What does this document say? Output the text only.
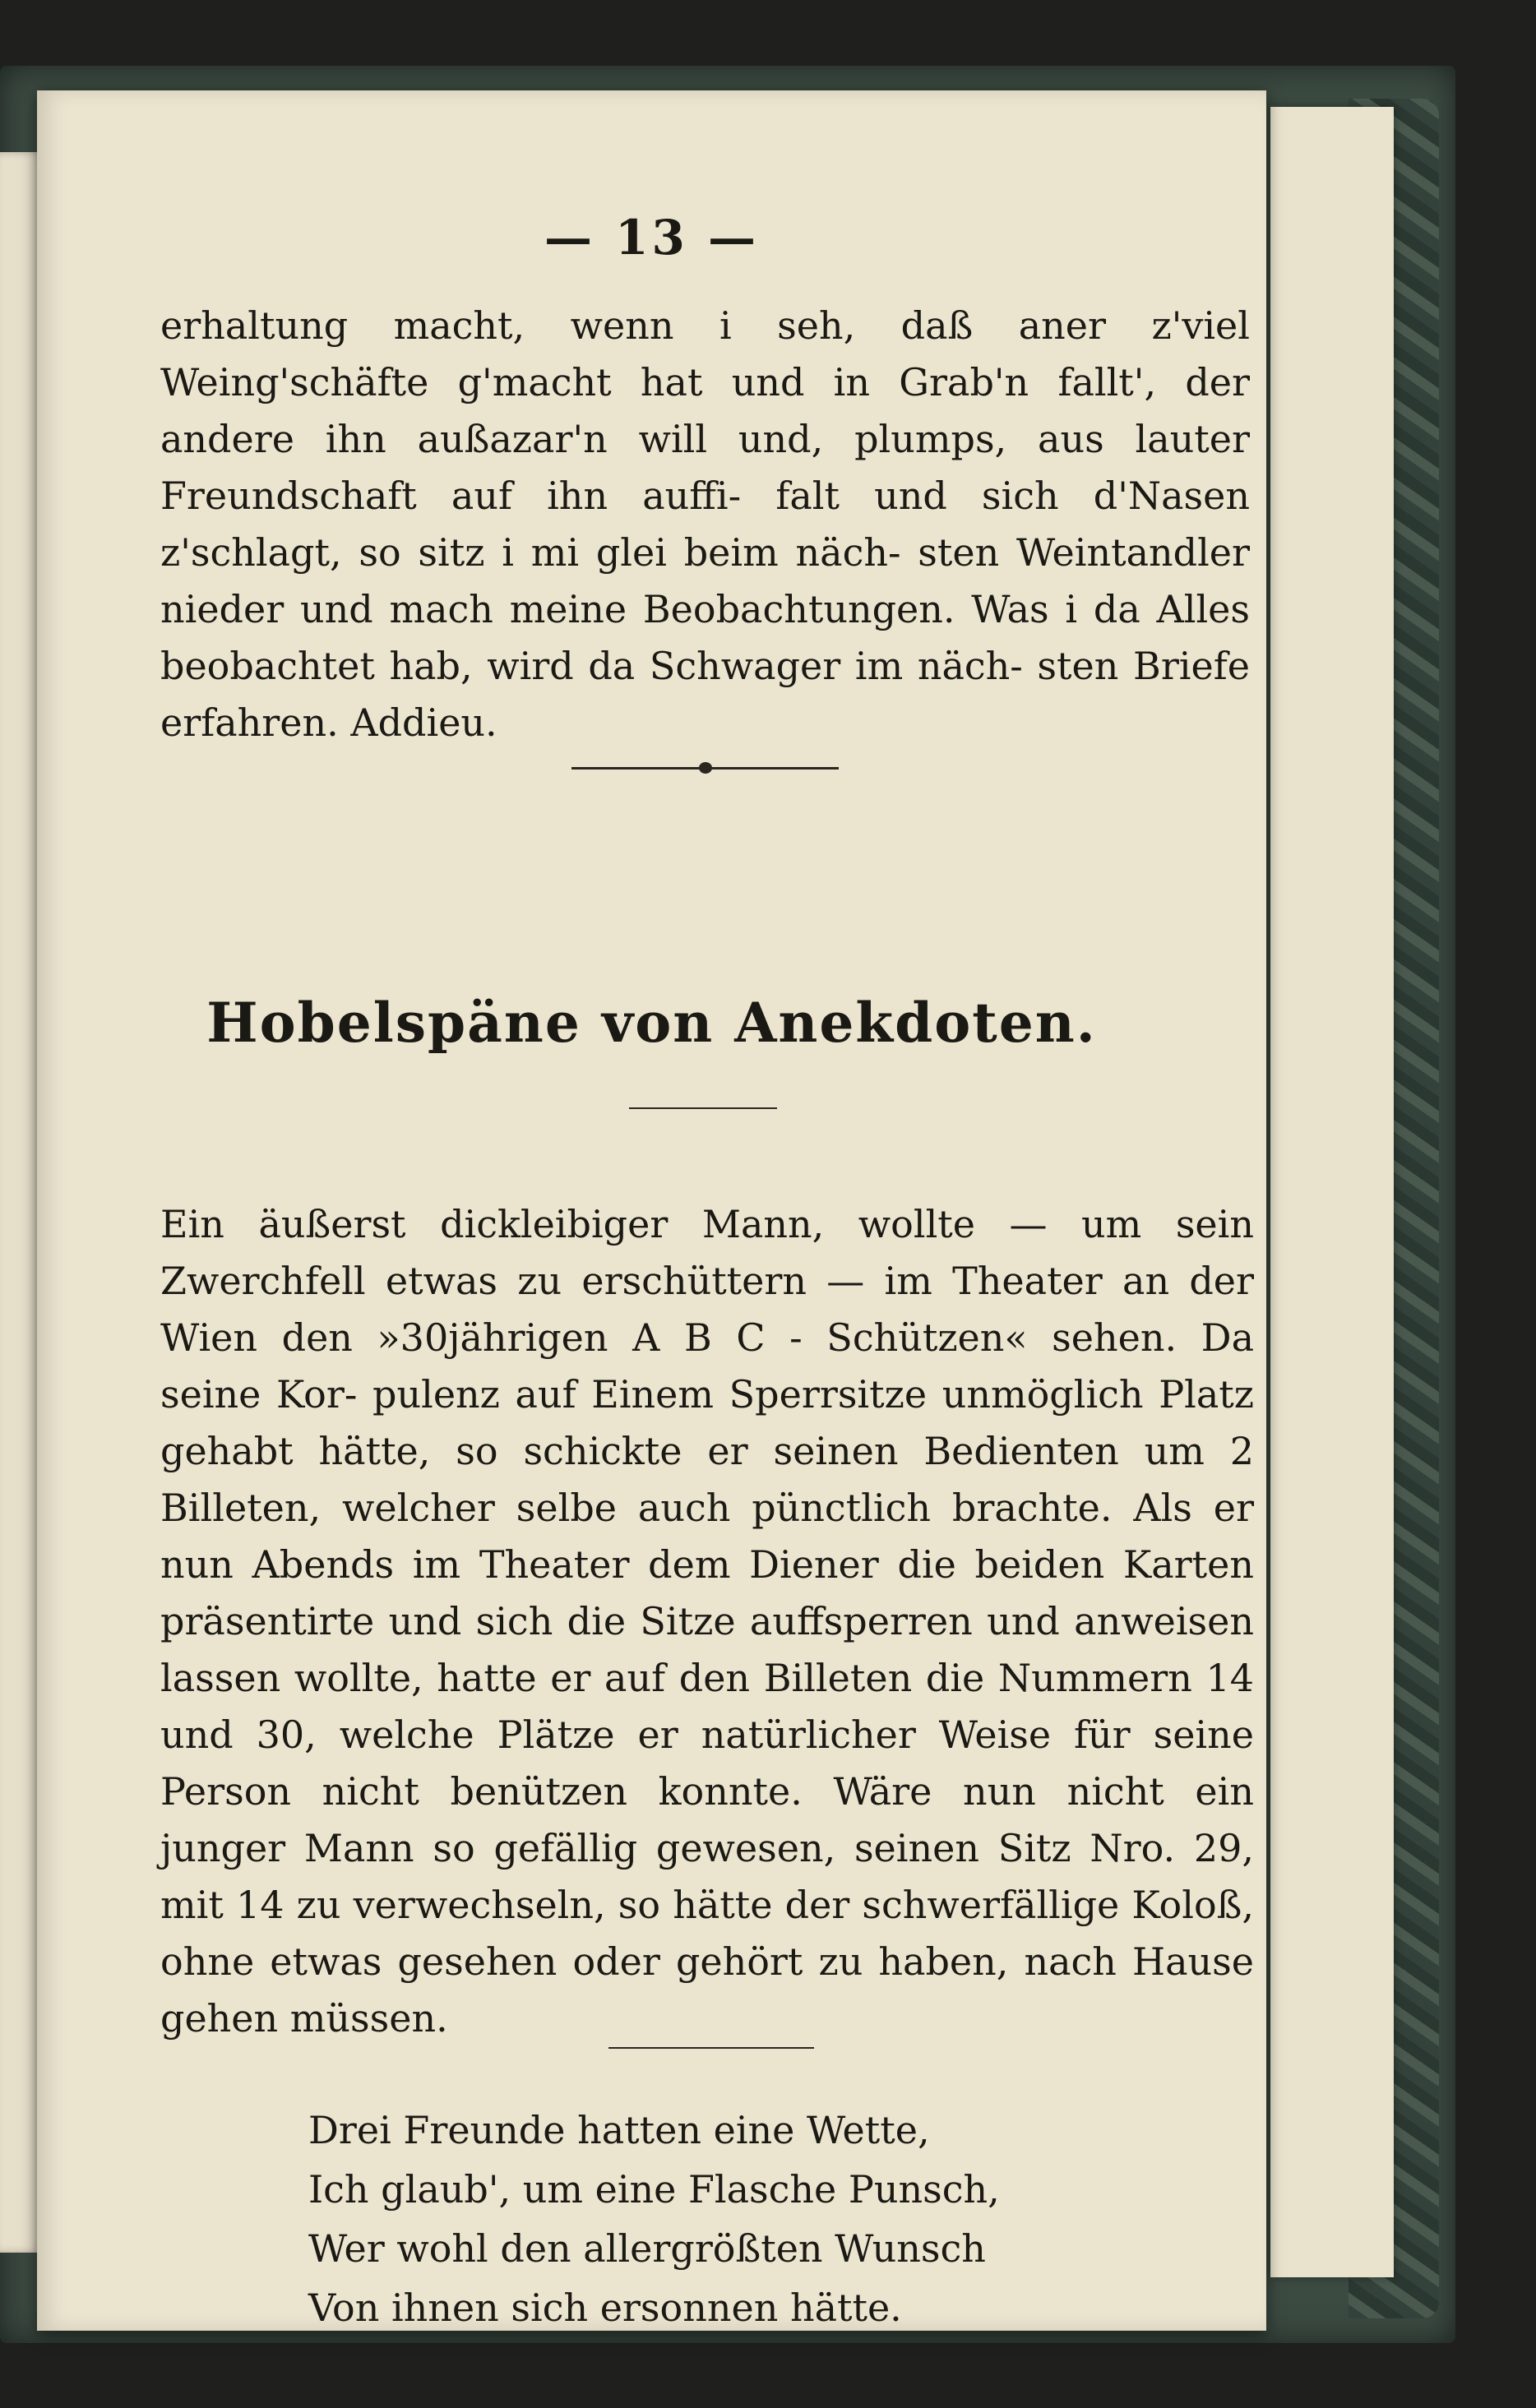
— 13 —

erhaltung macht, wenn i seh, daß aner z'viel Weing'schäfte g'macht hat und in Grab'n fallt', der andere ihn außazar'n will und, plumps, aus lauter Freundschaft auf ihn auffi- falt und sich d'Nasen z'schlagt, so sitz i mi glei beim näch- sten Weintandler nieder und mach meine Beobachtungen. Was i da Alles beobachtet hab, wird da Schwager im näch- sten Briefe erfahren. Addieu.

Hobelspäne von Anekdoten.

Ein äußerst dickleibiger Mann, wollte — um sein Zwerchfell etwas zu erschüttern — im Theater an der Wien den »30jährigen A B C - Schützen« sehen. Da seine Kor- pulenz auf Einem Sperrsitze unmöglich Platz gehabt hätte, so schickte er seinen Bedienten um 2 Billeten, welcher selbe auch pünctlich brachte. Als er nun Abends im Theater dem Diener die beiden Karten präsentirte und sich die Sitze auffsperren und anweisen lassen wollte, hatte er auf den Billeten die Nummern 14 und 30, welche Plätze er natürlicher Weise für seine Person nicht benützen konnte. Wäre nun nicht ein junger Mann so gefällig gewesen, seinen Sitz Nro. 29, mit 14 zu verwechseln, so hätte der schwerfällige Koloß, ohne etwas gesehen oder gehört zu haben, nach Hause gehen müssen.

Drei Freunde hatten eine Wette,
Ich glaub', um eine Flasche Punsch,
Wer wohl den allergrößten Wunsch
Von ihnen sich ersonnen hätte.
